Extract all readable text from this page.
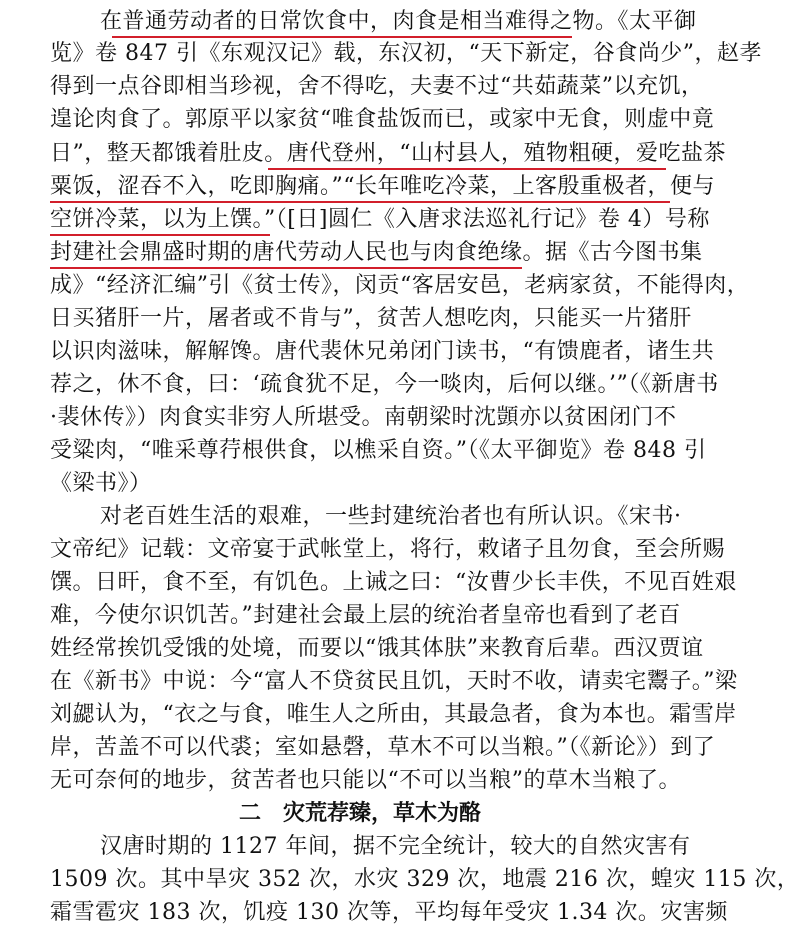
在普通劳动者的日常饮食中，肉食是相当难得之物。《太平御
览》卷 847 引《东观汉记》载，东汉初，“天下新定，谷食尚少”，赵孝
得到一点谷即相当珍视，舍不得吃，夫妻不过“共茹蔬菜”以充饥，
遑论肉食了。郭原平以家贫“唯食盐饭而已，或家中无食，则虚中竟
日”，整天都饿着肚皮。唐代登州，“山村县人，殖物粗硬，爱吃盐茶
粟饭，涩吞不入，吃即胸痛。”“长年唯吃冷菜，上客殷重极者，便与
空饼冷菜，以为上馔。”（[日]圆仁《入唐求法巡礼行记》卷 4）号称
封建社会鼎盛时期的唐代劳动人民也与肉食绝缘。据《古今图书集
成》“经济汇编”引《贫士传》，闵贡“客居安邑，老病家贫，不能得肉，
日买猪肝一片，屠者或不肯与”，贫苦人想吃肉，只能买一片猪肝
以识肉滋味，解解馋。唐代裴休兄弟闭门读书，“有馈鹿者，诸生共
荐之，休不食，曰：‘疏食犹不足，今一啖肉，后何以继。’”（《新唐书
·裴休传》）肉食实非穷人所堪受。南朝梁时沈顗亦以贫困闭门不
受粱肉，“唯采尊荇根供食，以樵采自资。”（《太平御览》卷 848 引
《梁书》）
对老百姓生活的艰难，一些封建统治者也有所认识。《宋书·
文帝纪》记载：文帝宴于武帐堂上，将行，敕诸子且勿食，至会所赐
馔。日旰，食不至，有饥色。上诫之曰：“汝曹少长丰佚，不见百姓艰
难，今使尔识饥苦。”封建社会最上层的统治者皇帝也看到了老百
姓经常挨饥受饿的处境，而要以“饿其体肤”来教育后辈。西汉贾谊
在《新书》中说：今“富人不贷贫民且饥，天时不收，请卖宅鬻子。”梁
刘勰认为，“衣之与食，唯生人之所由，其最急者，食为本也。霜雪岸
岸，苦盖不可以代裘；室如悬磬，草木不可以当粮。”（《新论》）到了
无可奈何的地步，贫苦者也只能以“不可以当粮”的草木当粮了。
二　灾荒荐臻，草木为酪
汉唐时期的 1127 年间，据不完全统计，较大的自然灾害有
1509 次。其中旱灾 352 次，水灾 329 次，地震 216 次，蝗灾 115 次，
霜雪雹灾 183 次，饥疫 130 次等，平均每年受灾 1.34 次。灾害频
